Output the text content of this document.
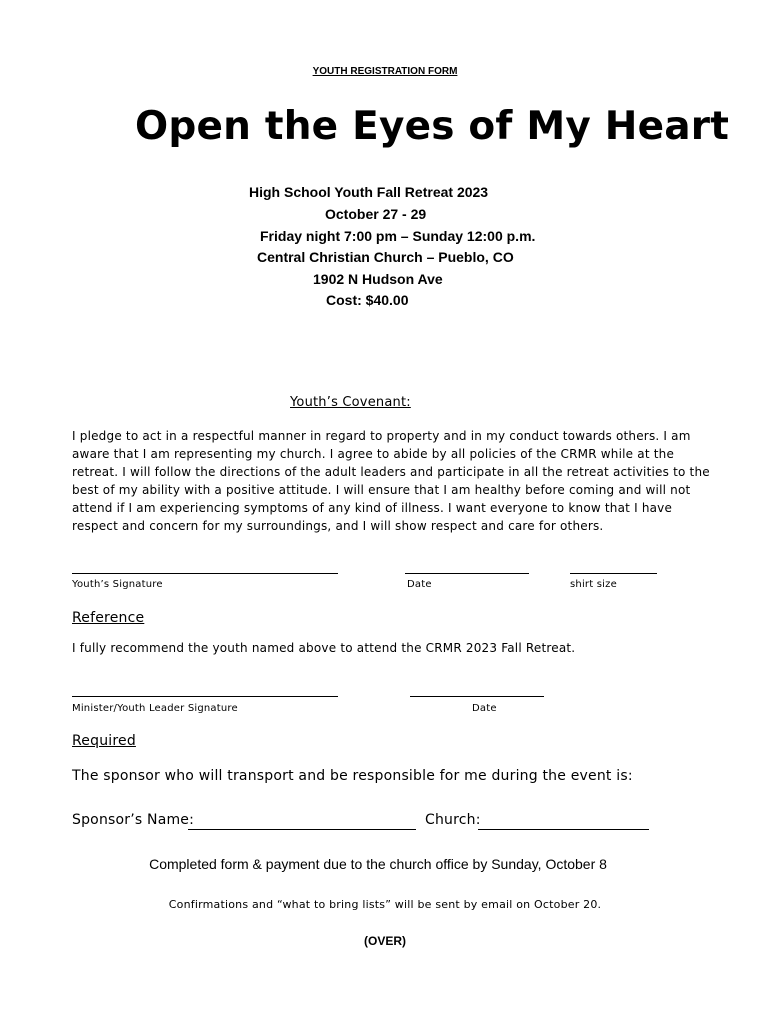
YOUTH REGISTRATION FORM
Open the Eyes of My Heart
High School Youth Fall Retreat 2023
October 27 - 29
Friday night 7:00 pm – Sunday 12:00 p.m.
Central Christian Church – Pueblo, CO
1902 N Hudson Ave
Cost: $40.00
Youth’s Covenant:
I pledge to act in a respectful manner in regard to property and in my conduct towards others. I am aware that I am representing my church. I agree to abide by all policies of the CRMR while at the retreat. I will follow the directions of the adult leaders and participate in all the retreat activities to the best of my ability with a positive attitude. I will ensure that I am healthy before coming and will not attend if I am experiencing symptoms of any kind of illness. I want everyone to know that I have respect and concern for my surroundings, and I will show respect and care for others.
Youth’s Signature	Date	shirt size
Reference
I fully recommend the youth named above to attend the CRMR 2023 Fall Retreat.
Minister/Youth Leader Signature	Date
Required
The sponsor who will transport and be responsible for me during the event is:
Sponsor’s Name:	Church:
Completed form & payment due to the church office by Sunday, October 8
Confirmations and “what to bring lists” will be sent by email on October 20.
(OVER)
